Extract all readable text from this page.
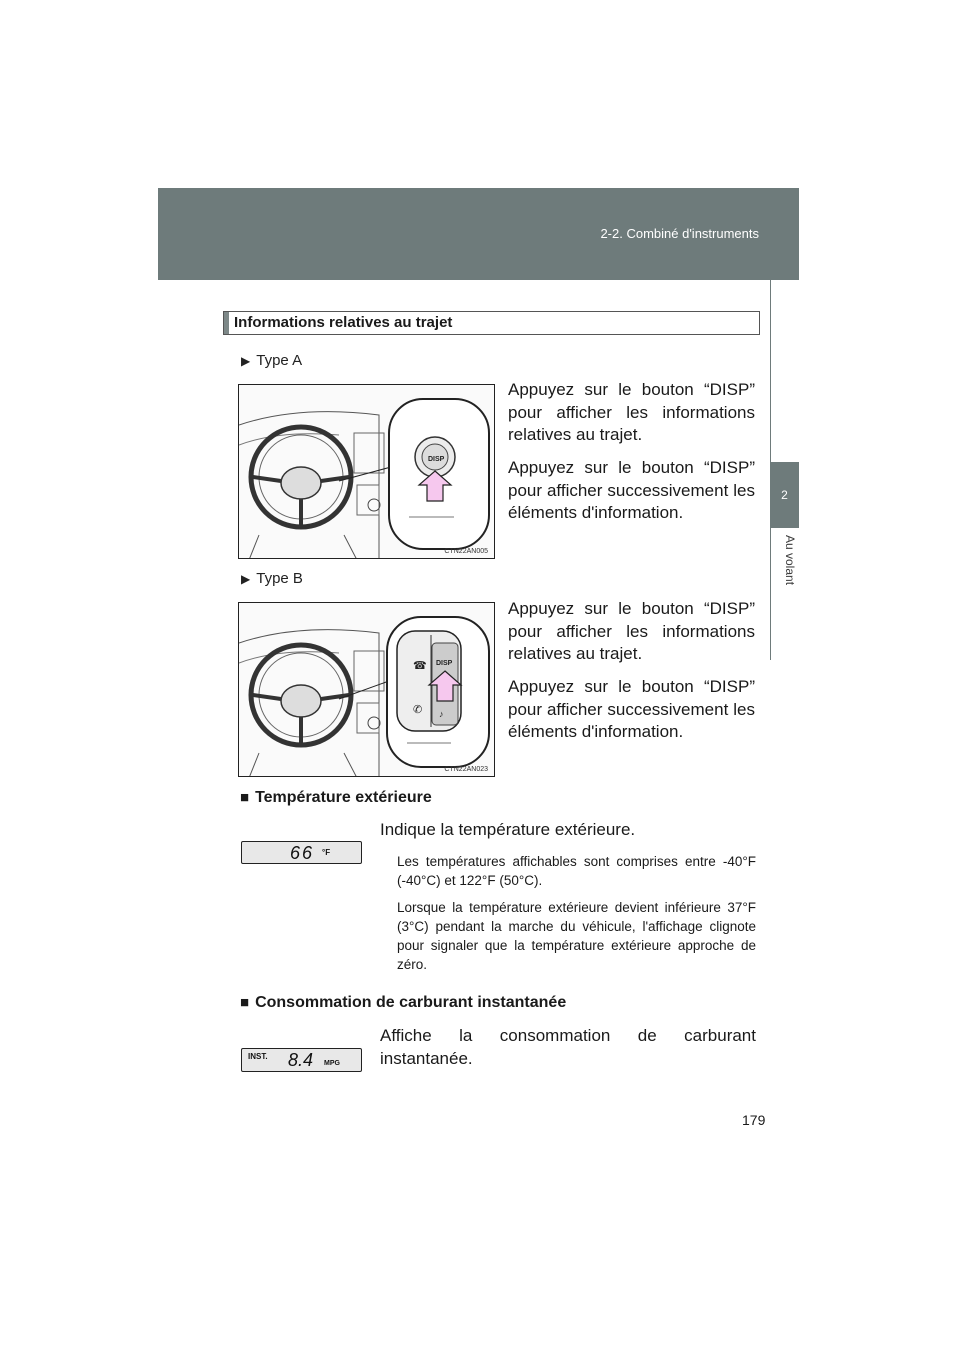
2-2. Combiné d'instruments
2
Au volant
Informations relatives au trajet
▶ Type A
DISP
CTN22AN005
Appuyez sur le bouton “DISP” pour afficher les informations relatives au trajet.
Appuyez sur le bouton “DISP” pour afficher successivement les éléments d'information.
▶ Type B
☎
✆
DISP
♪
CTN22AN023
Appuyez sur le bouton “DISP” pour afficher les informations relatives au trajet.
Appuyez sur le bouton “DISP” pour afficher successivement les éléments d'information.
■ Température extérieure
66 °F
Indique la température extérieure.
Les températures affichables sont comprises entre -40°F (-40°C) et 122°F (50°C).
Lorsque la température extérieure devient inférieure 37°F (3°C) pendant la marche du véhicule, l'affichage clignote pour signaler que la température extérieure approche de zéro.
■ Consommation de carburant instantanée
INST. 8.4 MPG
Affiche la consommation de carburant instantanée.
179
